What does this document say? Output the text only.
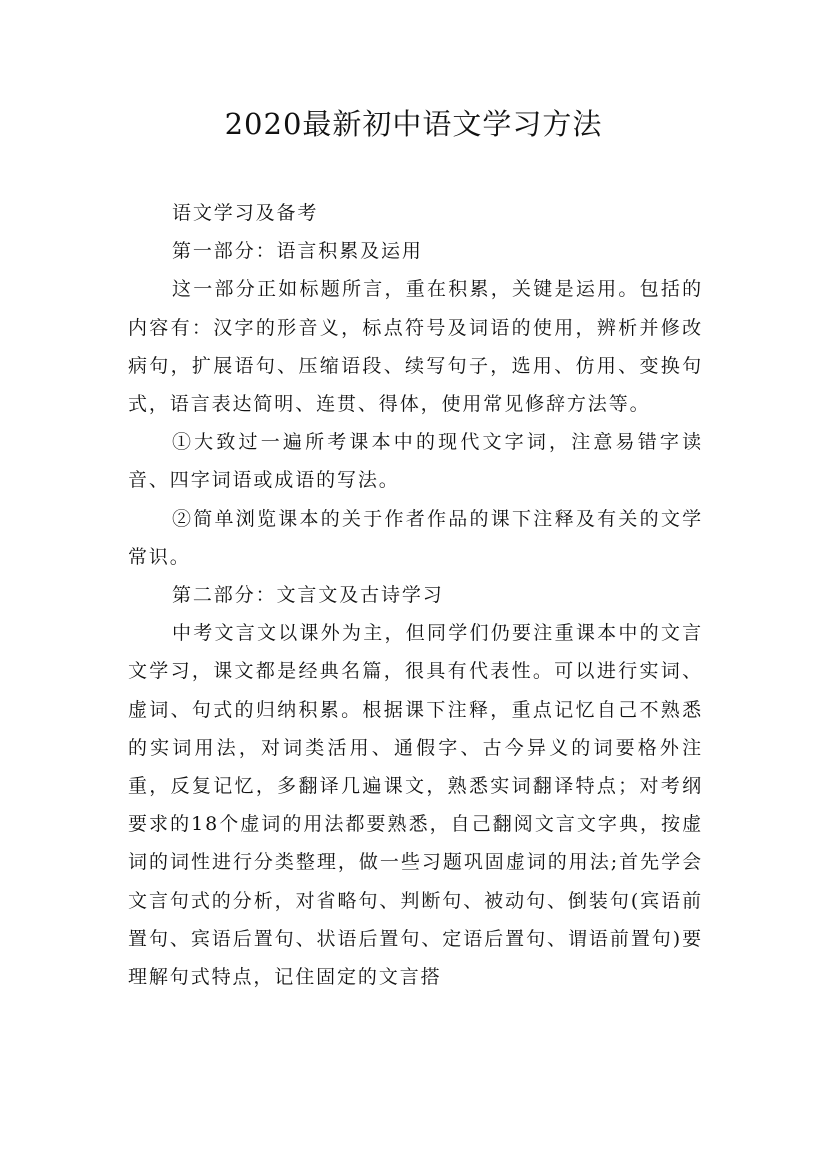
2020最新初中语文学习方法

语文学习及备考

第一部分：语言积累及运用

这一部分正如标题所言，重在积累，关键是运用。包括的内容有：汉字的形音义，标点符号及词语的使用，辨析并修改病句，扩展语句、压缩语段、续写句子，选用、仿用、变换句式，语言表达简明、连贯、得体，使用常见修辞方法等。

①大致过一遍所考课本中的现代文字词，注意易错字读音、四字词语或成语的写法。

②简单浏览课本的关于作者作品的课下注释及有关的文学常识。

第二部分：文言文及古诗学习

中考文言文以课外为主，但同学们仍要注重课本中的文言文学习，课文都是经典名篇，很具有代表性。可以进行实词、虚词、句式的归纳积累。根据课下注释，重点记忆自己不熟悉的实词用法，对词类活用、通假字、古今异义的词要格外注重，反复记忆，多翻译几遍课文，熟悉实词翻译特点；对考纲要求的18个虚词的用法都要熟悉，自己翻阅文言文字典，按虚词的词性进行分类整理，做一些习题巩固虚词的用法;首先学会文言句式的分析，对省略句、判断句、被动句、倒装句(宾语前置句、宾语后置句、状语后置句、定语后置句、谓语前置句)要理解句式特点，记住固定的文言搭
